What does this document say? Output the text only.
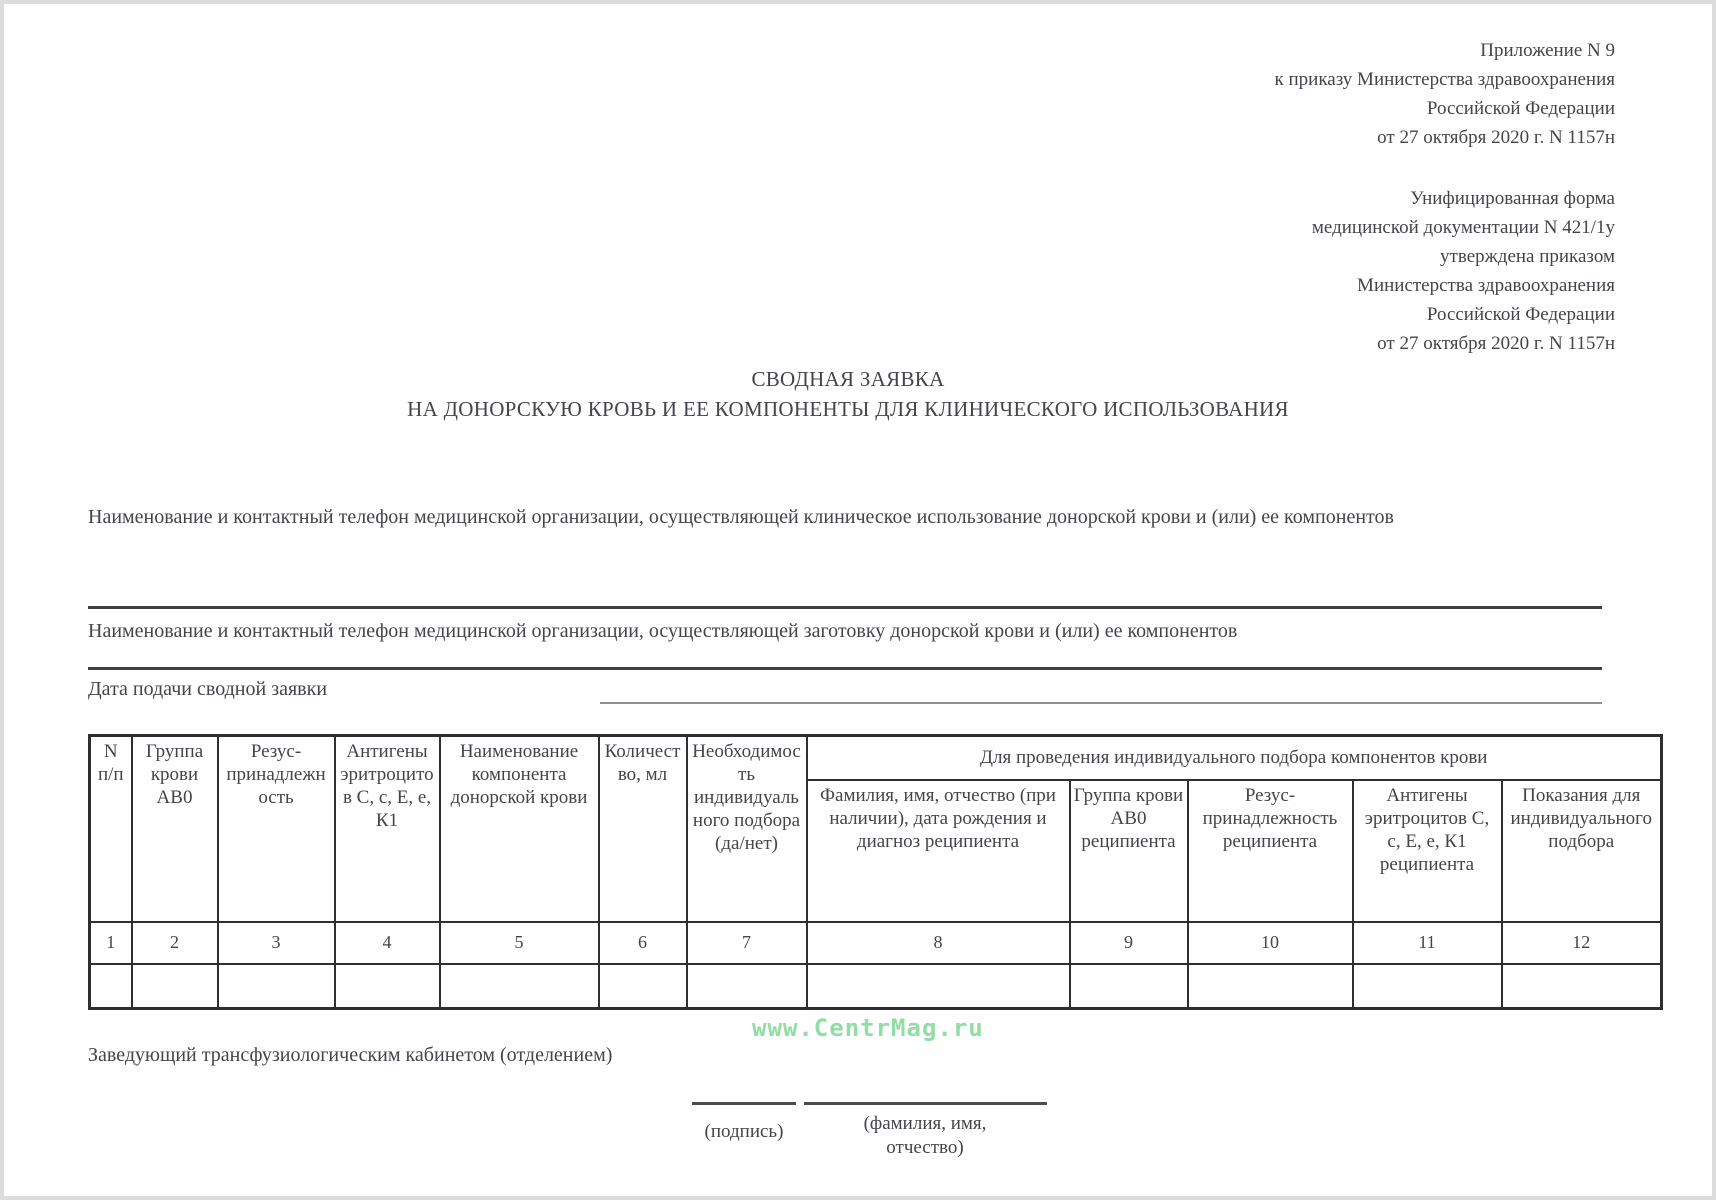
Приложение N 9
к приказу Министерства здравоохранения
Российской Федерации
от 27 октября 2020 г. N 1157н
Унифицированная форма
медицинской документации N 421/1у
утверждена приказом
Министерства здравоохранения
Российской Федерации
от 27 октября 2020 г. N 1157н
СВОДНАЯ ЗАЯВКА
НА ДОНОРСКУЮ КРОВЬ И ЕЕ КОМПОНЕНТЫ ДЛЯ КЛИНИЧЕСКОГО ИСПОЛЬЗОВАНИЯ
Наименование и контактный телефон медицинской организации, осуществляющей клиническое использование донорской крови и (или) ее компонентов
Наименование и контактный телефон медицинской организации, осуществляющей заготовку донорской крови и (или) ее компонентов
Дата подачи сводной заявки
N п/п	Группа крови АВ0	Резус-принадлежность	Антигены эритроцитов С, с, Е, е, К1	Наименование компонента донорской крови	Количество, мл	Необходимость индивидуального подбора (да/нет)	Для проведения индивидуального подбора компонентов крови				
							Фамилия, имя, отчество (при наличии), дата рождения и диагноз реципиента	Группа крови АВ0 реципиента	Резус-принадлежность реципиента	Антигены эритроцитов С, с, Е, е, К1 реципиента	Показания для индивидуального подбора
1	2	3	4	5	6	7	8	9	10	11	12

www.CentrMag.ru
Заведующий трансфузиологическим кабинетом (отделением)
(подпись)	(фамилия, имя, отчество)
